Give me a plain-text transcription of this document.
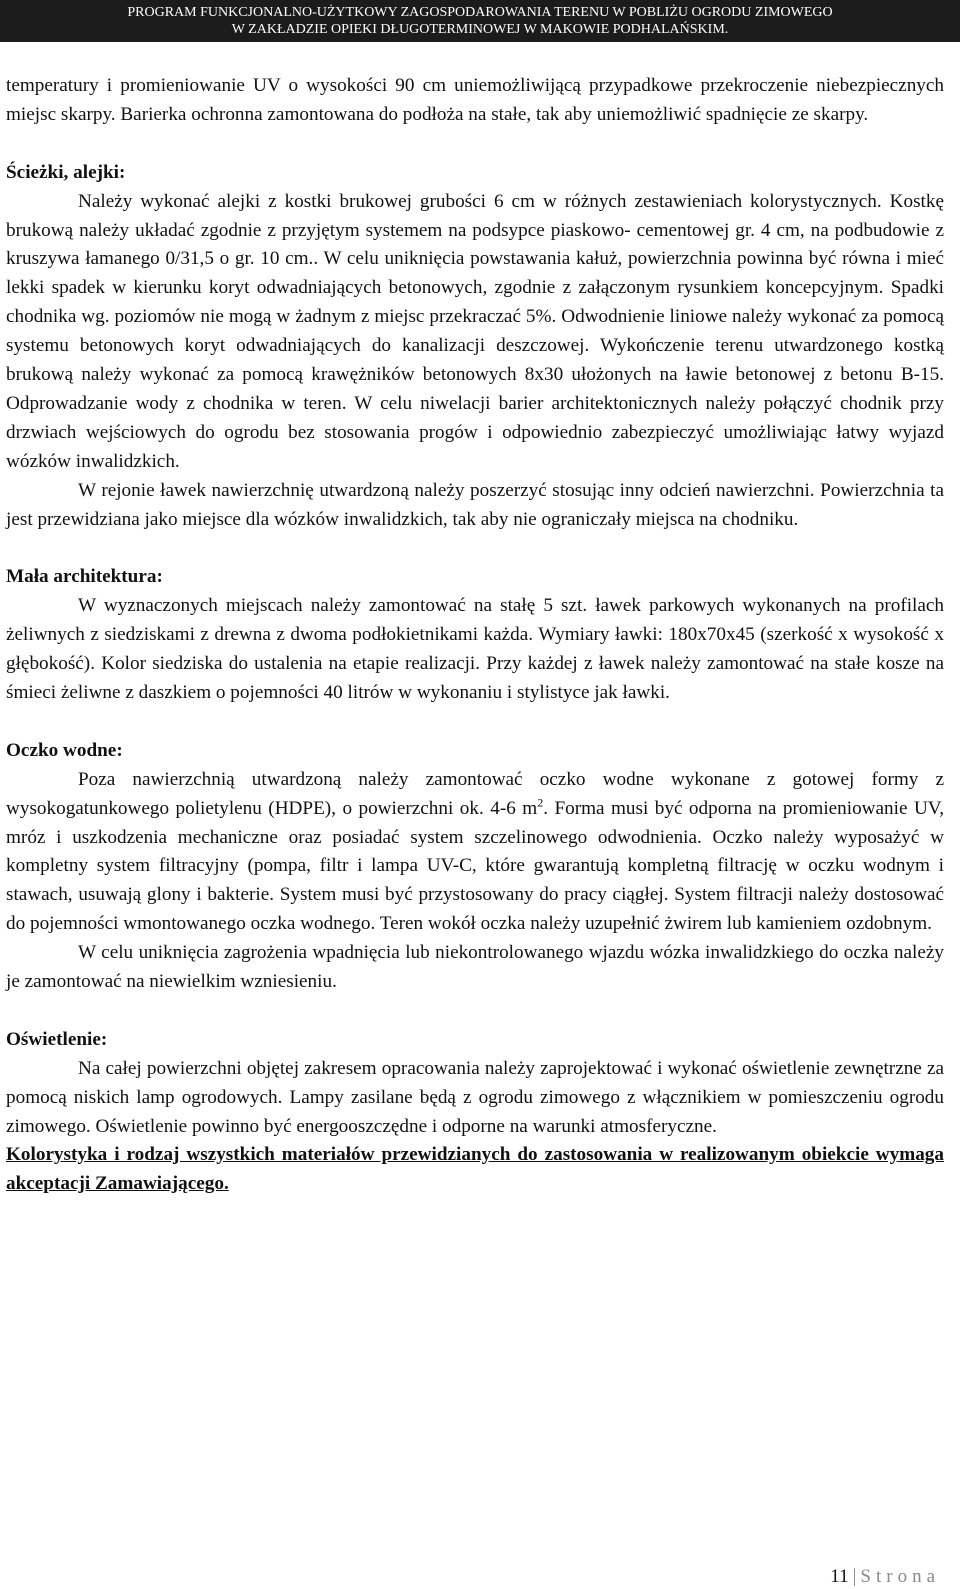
PROGRAM FUNKCJONALNO-UŻYTKOWY ZAGOSPODAROWANIA TERENU W POBLIŻU OGRODU ZIMOWEGO
W ZAKŁADZIE OPIEKI DŁUGOTERMINOWEJ W MAKOWIE PODHALAŃSKIM.

temperatury i promieniowanie UV o wysokości 90 cm uniemożliwijącą przypadkowe przekroczenie niebezpiecznych miejsc skarpy. Barierka ochronna zamontowana do podłoża na stałe, tak aby uniemożliwić spadnięcie ze skarpy.

Ścieżki, alejki:

Należy wykonać alejki z kostki brukowej grubości 6 cm w różnych zestawieniach kolorystycznych. Kostkę brukową należy układać zgodnie z przyjętym systemem na podsypce piaskowo- cementowej gr. 4 cm, na podbudowie z kruszywa łamanego 0/31,5 o gr. 10 cm.. W celu uniknięcia powstawania kałuż, powierzchnia powinna być równa i mieć lekki spadek w kierunku koryt odwadniających betonowych, zgodnie z załączonym rysunkiem koncepcyjnym. Spadki chodnika wg. poziomów nie mogą w żadnym z miejsc przekraczać 5%. Odwodnienie liniowe należy wykonać za pomocą systemu betonowych koryt odwadniających do kanalizacji deszczowej. Wykończenie terenu utwardzonego kostką brukową należy wykonać za pomocą krawężników betonowych 8x30 ułożonych na ławie betonowej z betonu B-15. Odprowadzanie wody z chodnika w teren. W celu niwelacji barier architektonicznych należy połączyć chodnik przy drzwiach wejściowych do ogrodu bez stosowania progów i odpowiednio zabezpieczyć umożliwiając łatwy wyjazd wózków inwalidzkich.

W rejonie ławek nawierzchnię utwardzoną należy poszerzyć stosując inny odcień nawierzchni. Powierzchnia ta jest przewidziana jako miejsce dla wózków inwalidzkich, tak aby nie ograniczały miejsca na chodniku.

Mała architektura:

W wyznaczonych miejscach należy zamontować na stałę 5 szt. ławek parkowych wykonanych na profilach żeliwnych z siedziskami z drewna z dwoma podłokietnikami każda. Wymiary ławki: 180x70x45 (szerkość x wysokość x głębokość). Kolor siedziska do ustalenia na etapie realizacji. Przy każdej z ławek należy zamontować na stałe kosze na śmieci żeliwne z daszkiem o pojemności 40 litrów w wykonaniu i stylistyce jak ławki.

Oczko wodne:

Poza nawierzchnią utwardzoną należy zamontować oczko wodne wykonane z gotowej formy z wysokogatunkowego polietylenu (HDPE), o powierzchni ok. 4-6 $m^2$. Forma musi być odporna na promieniowanie UV, mróz i uszkodzenia mechaniczne oraz posiadać system szczelinowego odwodnienia. Oczko należy wyposażyć w kompletny system filtracyjny (pompa, filtr i lampa UV-C, które gwarantują kompletną filtrację w oczku wodnym i stawach, usuwają glony i bakterie. System musi być przystosowany do pracy ciągłej. System filtracji należy dostosować do pojemności wmontowanego oczka wodnego. Teren wokół oczka należy uzupełnić żwirem lub kamieniem ozdobnym.

W celu uniknięcia zagrożenia wpadnięcia lub niekontrolowanego wjazdu wózka inwalidzkiego do oczka należy je zamontować na niewielkim wzniesieniu.

Oświetlenie:

Na całej powierzchni objętej zakresem opracowania należy zaprojektować i wykonać oświetlenie zewnętrzne za pomocą niskich lamp ogrodowych. Lampy zasilane będą z ogrodu zimowego z włącznikiem w pomieszczeniu ogrodu zimowego. Oświetlenie powinno być energooszczędne i odporne na warunki atmosferyczne.

Kolorystyka i rodzaj wszystkich materiałów przewidzianych do zastosowania w realizowanym obiekcie wymaga akceptacji Zamawiającego.

11 | Strona
